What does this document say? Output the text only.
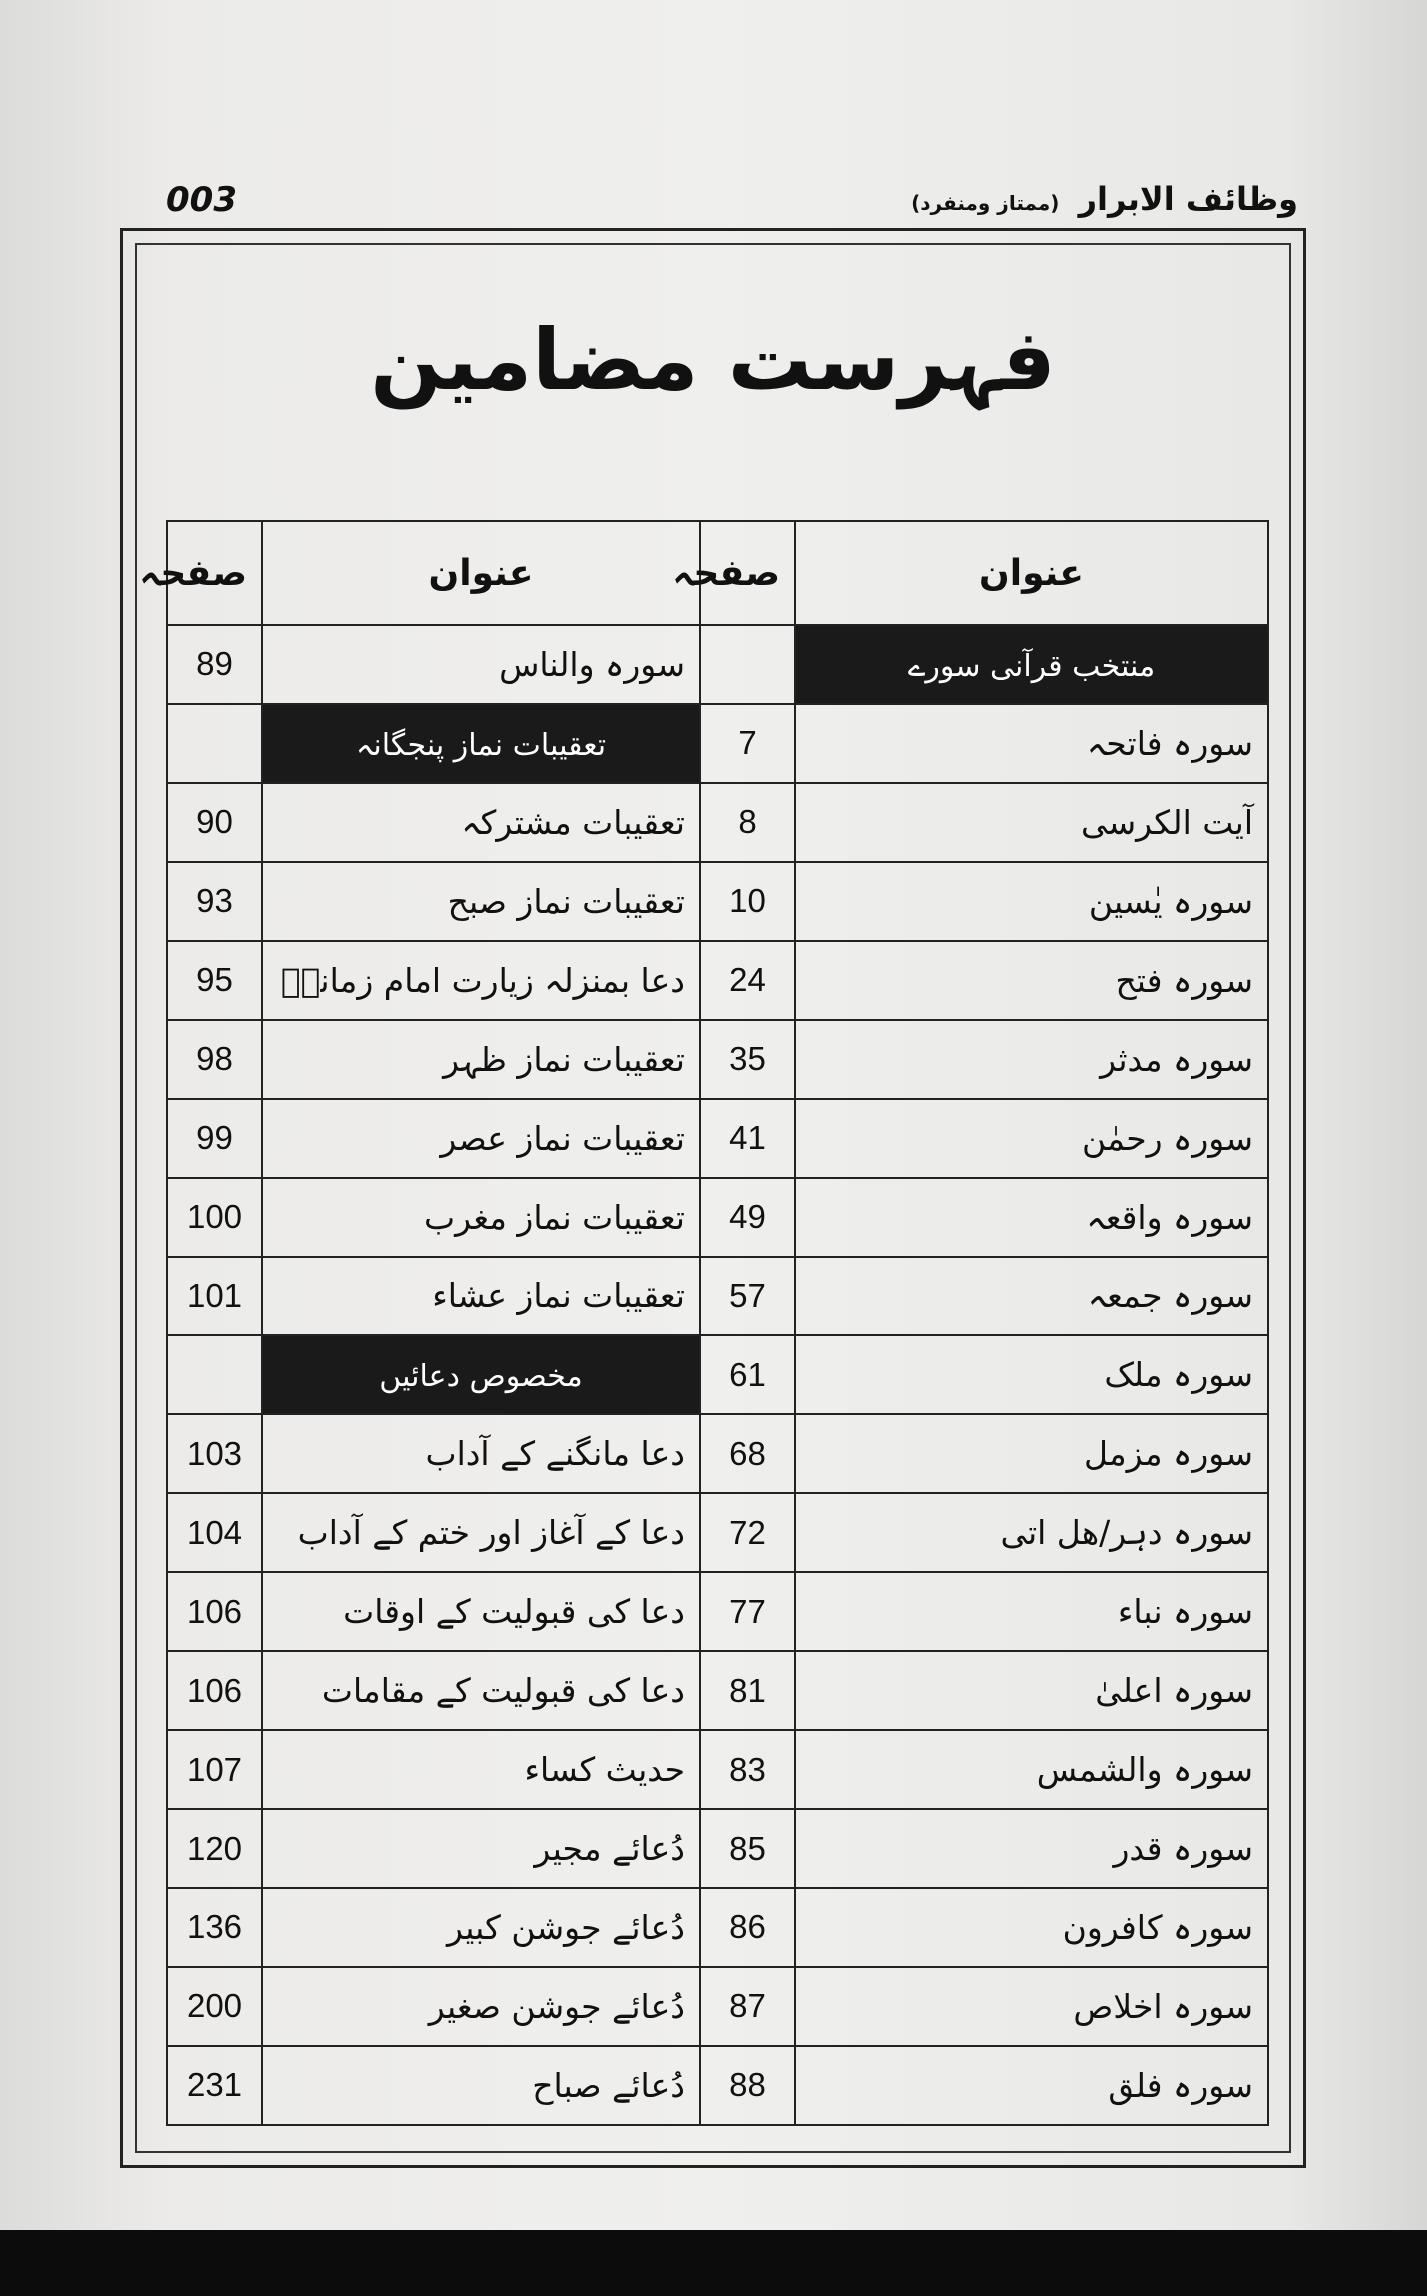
003	وظائف الابرار (ممتاز ومنفرد)
فہرست مضامین
صفحہ	عنوان	صفحہ	عنوان
89	سورہ والناس		منتخب قرآنی سورے
	تعقیبات نماز پنجگانہ	7	سورہ فاتحہ
90	تعقیبات مشترکہ	8	آیت الکرسی
93	تعقیبات نماز صبح	10	سورہ یٰسین
95	دعا بمنزلہ زیارت امام زمانہؑ	24	سورہ فتح
98	تعقیبات نماز ظہر	35	سورہ مدثر
99	تعقیبات نماز عصر	41	سورہ رحمٰن
100	تعقیبات نماز مغرب	49	سورہ واقعہ
101	تعقیبات نماز عشاء	57	سورہ جمعہ
	مخصوص دعائیں	61	سورہ ملک
103	دعا مانگنے کے آداب	68	سورہ مزمل
104	دعا کے آغاز اور ختم کے آداب	72	سورہ دہر/ھل اتی
106	دعا کی قبولیت کے اوقات	77	سورہ نباء
106	دعا کی قبولیت کے مقامات	81	سورہ اعلیٰ
107	حدیث کساء	83	سورہ والشمس
120	دُعائے مجیر	85	سورہ قدر
136	دُعائے جوشن کبیر	86	سورہ کافرون
200	دُعائے جوشن صغیر	87	سورہ اخلاص
231	دُعائے صباح	88	سورہ فلق
